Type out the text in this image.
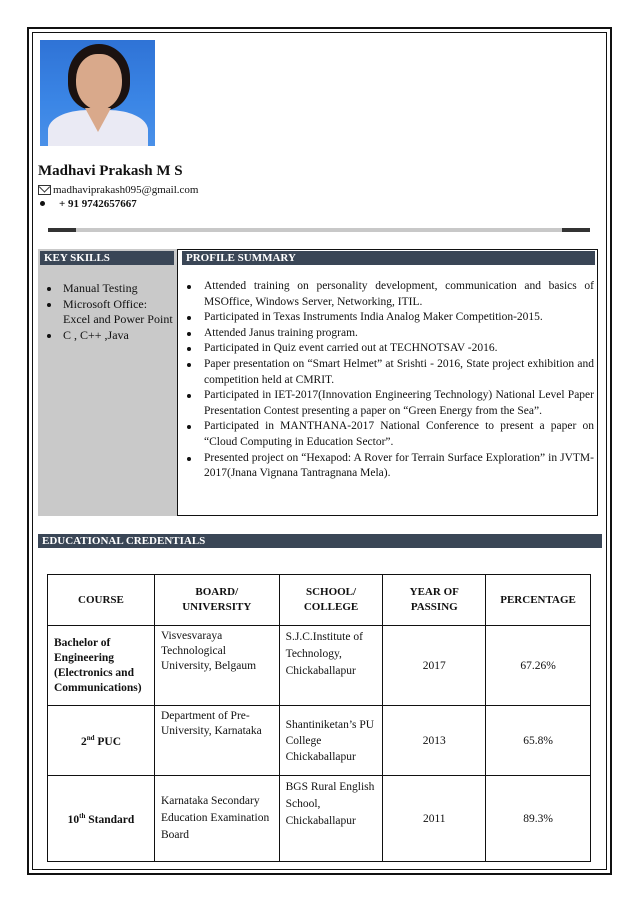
Madhavi Prakash M S
madhaviprakash095@gmail.com
+ 91 9742657667
KEY SKILLS
Manual Testing
Microsoft Office: Excel and Power Point
C , C++ ,Java
PROFILE SUMMARY
Attended training on personality development, communication and basics of MSOffice, Windows Server, Networking, ITIL.
Participated in Texas Instruments India Analog Maker Competition-2015.
Attended Janus training program.
Participated in Quiz event carried out at TECHNOTSAV -2016.
Paper presentation on “Smart Helmet” at Srishti - 2016, State project exhibition and competition held at CMRIT.
Participated in IET-2017(Innovation Engineering Technology) National Level Paper Presentation Contest presenting a paper on “Green Energy from the Sea”.
Participated in MANTHANA-2017 National Conference to present a paper on “Cloud Computing in Education Sector”.
Presented project on “Hexapod: A Rover for Terrain Surface Exploration” in JVTM-2017(Jnana Vignana Tantragnana Mela).
EDUCATIONAL CREDENTIALS
COURSE	BOARD/ UNIVERSITY	SCHOOL/ COLLEGE	YEAR OF PASSING	PERCENTAGE
Bachelor of Engineering (Electronics and Communications)	Visvesvaraya Technological University, Belgaum	S.J.C.Institute of Technology, Chickaballapur	2017	67.26%
2nd PUC	Department of Pre-University, Karnataka	Shantiniketan’s PU College Chickaballapur	2013	65.8%
10th Standard	Karnataka Secondary Education Examination Board	BGS Rural English School, Chickaballapur	2011	89.3%
